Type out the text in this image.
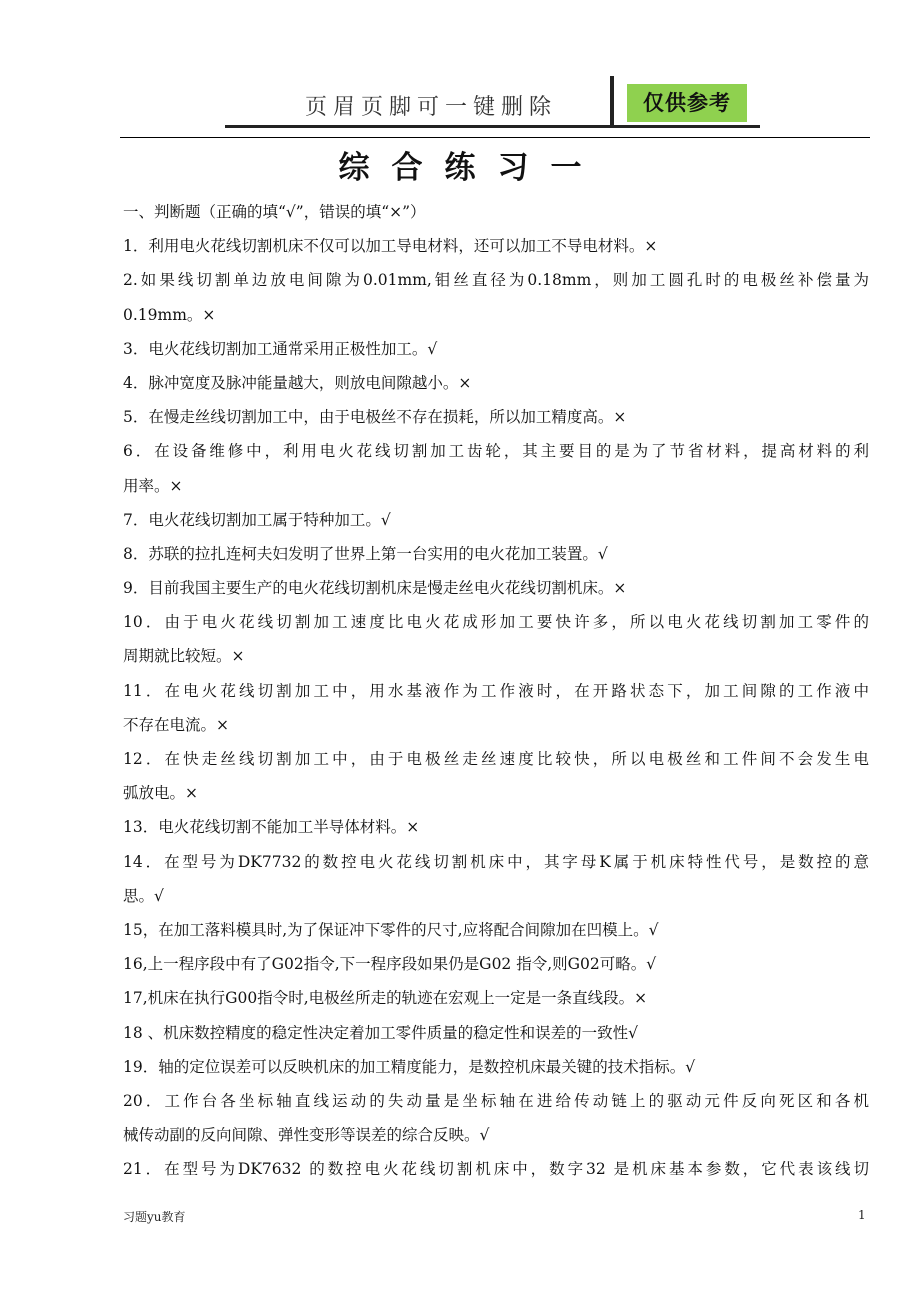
页眉页脚可一键删除	仅供参考
综合练习一
一、判断题（正确的填“√”，错误的填“×”）
1．利用电火花线切割机床不仅可以加工导电材料，还可以加工不导电材料。×
2.如果线切割单边放电间隙为0.01mm,钼丝直径为0.18mm，则加工圆孔时的电极丝补偿量为
0.19mm。×
3．电火花线切割加工通常采用正极性加工。√
4．脉冲宽度及脉冲能量越大，则放电间隙越小。×
5．在慢走丝线切割加工中，由于电极丝不存在损耗，所以加工精度高。×
6．在设备维修中，利用电火花线切割加工齿轮，其主要目的是为了节省材料，提高材料的利
用率。×
7．电火花线切割加工属于特种加工。√
8．苏联的拉扎连柯夫妇发明了世界上第一台实用的电火花加工装置。√
9．目前我国主要生产的电火花线切割机床是慢走丝电火花线切割机床。×
10．由于电火花线切割加工速度比电火花成形加工要快许多，所以电火花线切割加工零件的
周期就比较短。×
11．在电火花线切割加工中，用水基液作为工作液时，在开路状态下，加工间隙的工作液中
不存在电流。×
12．在快走丝线切割加工中，由于电极丝走丝速度比较快，所以电极丝和工件间不会发生电
弧放电。×
13．电火花线切割不能加工半导体材料。×
14．在型号为DK7732的数控电火花线切割机床中，其字母K属于机床特性代号，是数控的意
思。√
15，在加工落料模具时,为了保证冲下零件的尺寸,应将配合间隙加在凹模上。√
16,上一程序段中有了G02指令,下一程序段如果仍是G02 指令,则G02可略。√
17,机床在执行G00指令时,电极丝所走的轨迹在宏观上一定是一条直线段。×
18 、机床数控精度的稳定性决定着加工零件质量的稳定性和误差的一致性√
19．轴的定位误差可以反映机床的加工精度能力，是数控机床最关键的技术指标。√
20．工作台各坐标轴直线运动的失动量是坐标轴在进给传动链上的驱动元件反向死区和各机
械传动副的反向间隙、弹性变形等误差的综合反映。√
21．在型号为DK7632 的数控电火花线切割机床中，数字32 是机床基本参数，它代表该线切
习题yu教育	1
